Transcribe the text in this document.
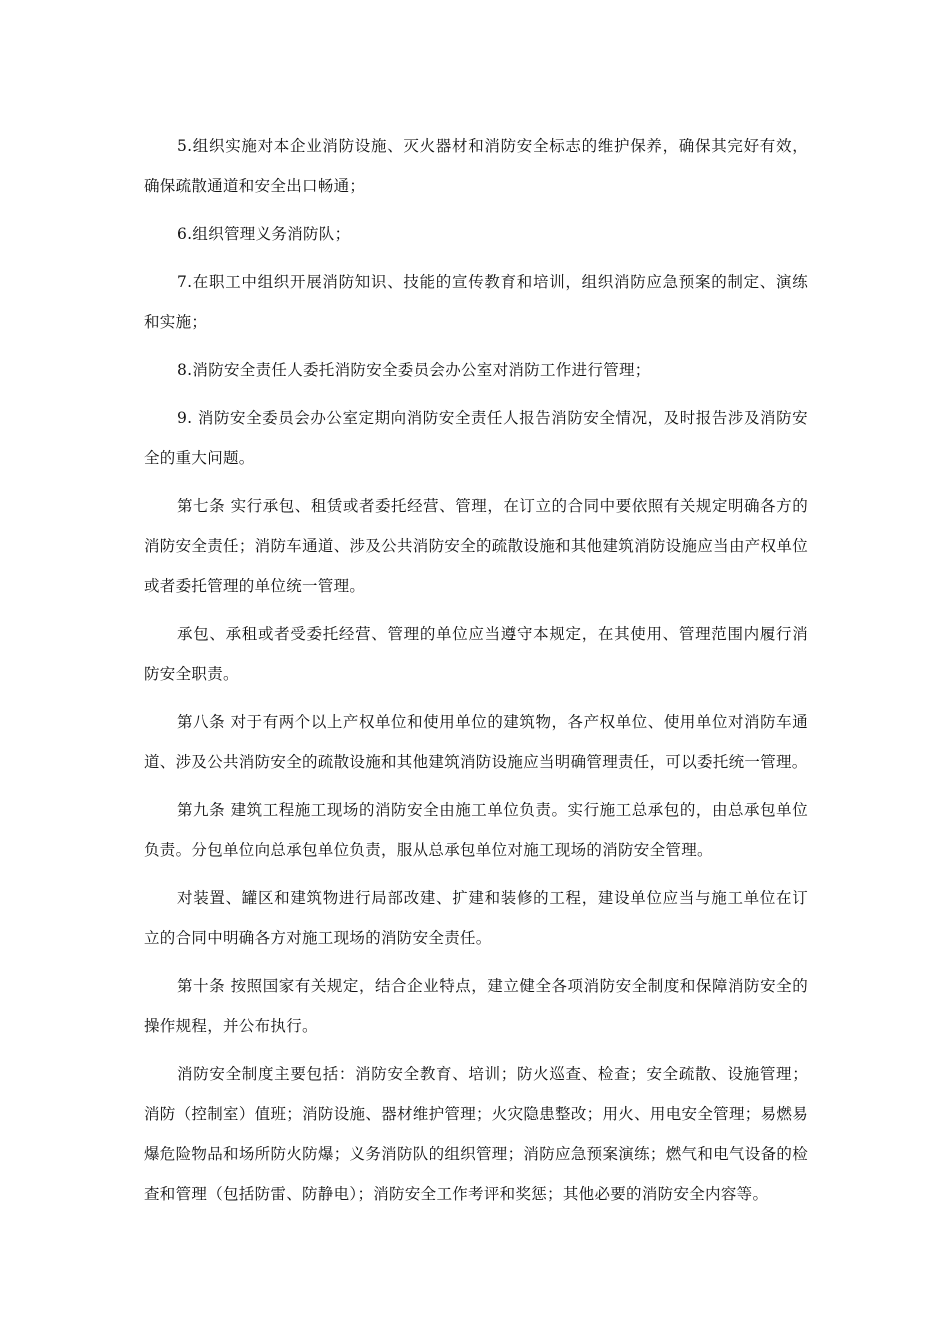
5.组织实施对本企业消防设施、灭火器材和消防安全标志的维护保养，确保其完好有效，确保疏散通道和安全出口畅通；

6.组织管理义务消防队；

7.在职工中组织开展消防知识、技能的宣传教育和培训，组织消防应急预案的制定、演练和实施；

8.消防安全责任人委托消防安全委员会办公室对消防工作进行管理；

9. 消防安全委员会办公室定期向消防安全责任人报告消防安全情况，及时报告涉及消防安全的重大问题。

第七条 实行承包、租赁或者委托经营、管理，在订立的合同中要依照有关规定明确各方的消防安全责任；消防车通道、涉及公共消防安全的疏散设施和其他建筑消防设施应当由产权单位或者委托管理的单位统一管理。

承包、承租或者受委托经营、管理的单位应当遵守本规定，在其使用、管理范围内履行消防安全职责。

第八条 对于有两个以上产权单位和使用单位的建筑物，各产权单位、使用单位对消防车通道、涉及公共消防安全的疏散设施和其他建筑消防设施应当明确管理责任，可以委托统一管理。

第九条 建筑工程施工现场的消防安全由施工单位负责。实行施工总承包的，由总承包单位负责。分包单位向总承包单位负责，服从总承包单位对施工现场的消防安全管理。

对装置、罐区和建筑物进行局部改建、扩建和装修的工程，建设单位应当与施工单位在订立的合同中明确各方对施工现场的消防安全责任。

第十条 按照国家有关规定，结合企业特点，建立健全各项消防安全制度和保障消防安全的操作规程，并公布执行。

消防安全制度主要包括：消防安全教育、培训；防火巡查、检查；安全疏散、设施管理；消防（控制室）值班；消防设施、器材维护管理；火灾隐患整改；用火、用电安全管理；易燃易爆危险物品和场所防火防爆；义务消防队的组织管理；消防应急预案演练；燃气和电气设备的检查和管理（包括防雷、防静电）；消防安全工作考评和奖惩；其他必要的消防安全内容等。
